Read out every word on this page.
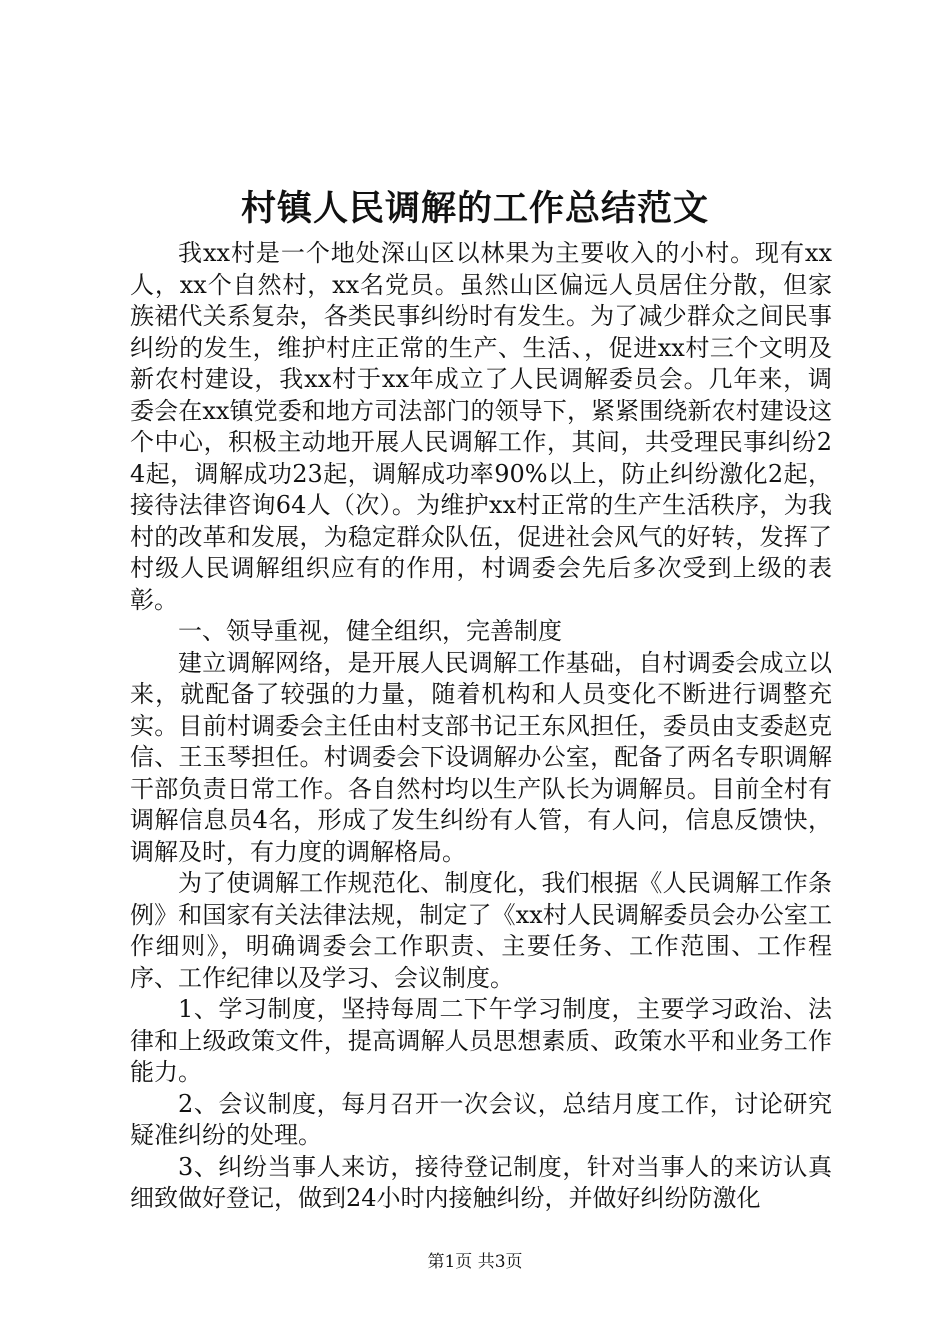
村镇人民调解的工作总结范文

我xx村是一个地处深山区以林果为主要收入的小村。现有xx人，xx个自然村，xx名党员。虽然山区偏远人员居住分散，但家族裙代关系复杂，各类民事纠纷时有发生。为了减少群众之间民事纠纷的发生，维护村庄正常的生产、生活、，促进xx村三个文明及新农村建设，我xx村于xx年成立了人民调解委员会。几年来，调委会在xx镇党委和地方司法部门的领导下，紧紧围绕新农村建设这个中心，积极主动地开展人民调解工作，其间，共受理民事纠纷24起，调解成功23起，调解成功率90%以上，防止纠纷激化2起，接待法律咨询64人（次）。为维护xx村正常的生产生活秩序，为我村的改革和发展，为稳定群众队伍，促进社会风气的好转，发挥了村级人民调解组织应有的作用，村调委会先后多次受到上级的表彰。

一、领导重视，健全组织，完善制度

建立调解网络，是开展人民调解工作基础，自村调委会成立以来，就配备了较强的力量，随着机构和人员变化不断进行调整充实。目前村调委会主任由村支部书记王东风担任，委员由支委赵克信、王玉琴担任。村调委会下设调解办公室，配备了两名专职调解干部负责日常工作。各自然村均以生产队长为调解员。目前全村有调解信息员4名，形成了发生纠纷有人管，有人问，信息反馈快，调解及时，有力度的调解格局。

为了使调解工作规范化、制度化，我们根据《人民调解工作条例》和国家有关法律法规，制定了《xx村人民调解委员会办公室工作细则》，明确调委会工作职责、主要任务、工作范围、工作程序、工作纪律以及学习、会议制度。

1、学习制度，坚持每周二下午学习制度，主要学习政治、法律和上级政策文件，提高调解人员思想素质、政策水平和业务工作能力。

2、会议制度，每月召开一次会议，总结月度工作，讨论研究疑准纠纷的处理。

3、纠纷当事人来访，接待登记制度，针对当事人的来访认真细致做好登记，做到24小时内接触纠纷，并做好纠纷防激化

第1页 共3页
